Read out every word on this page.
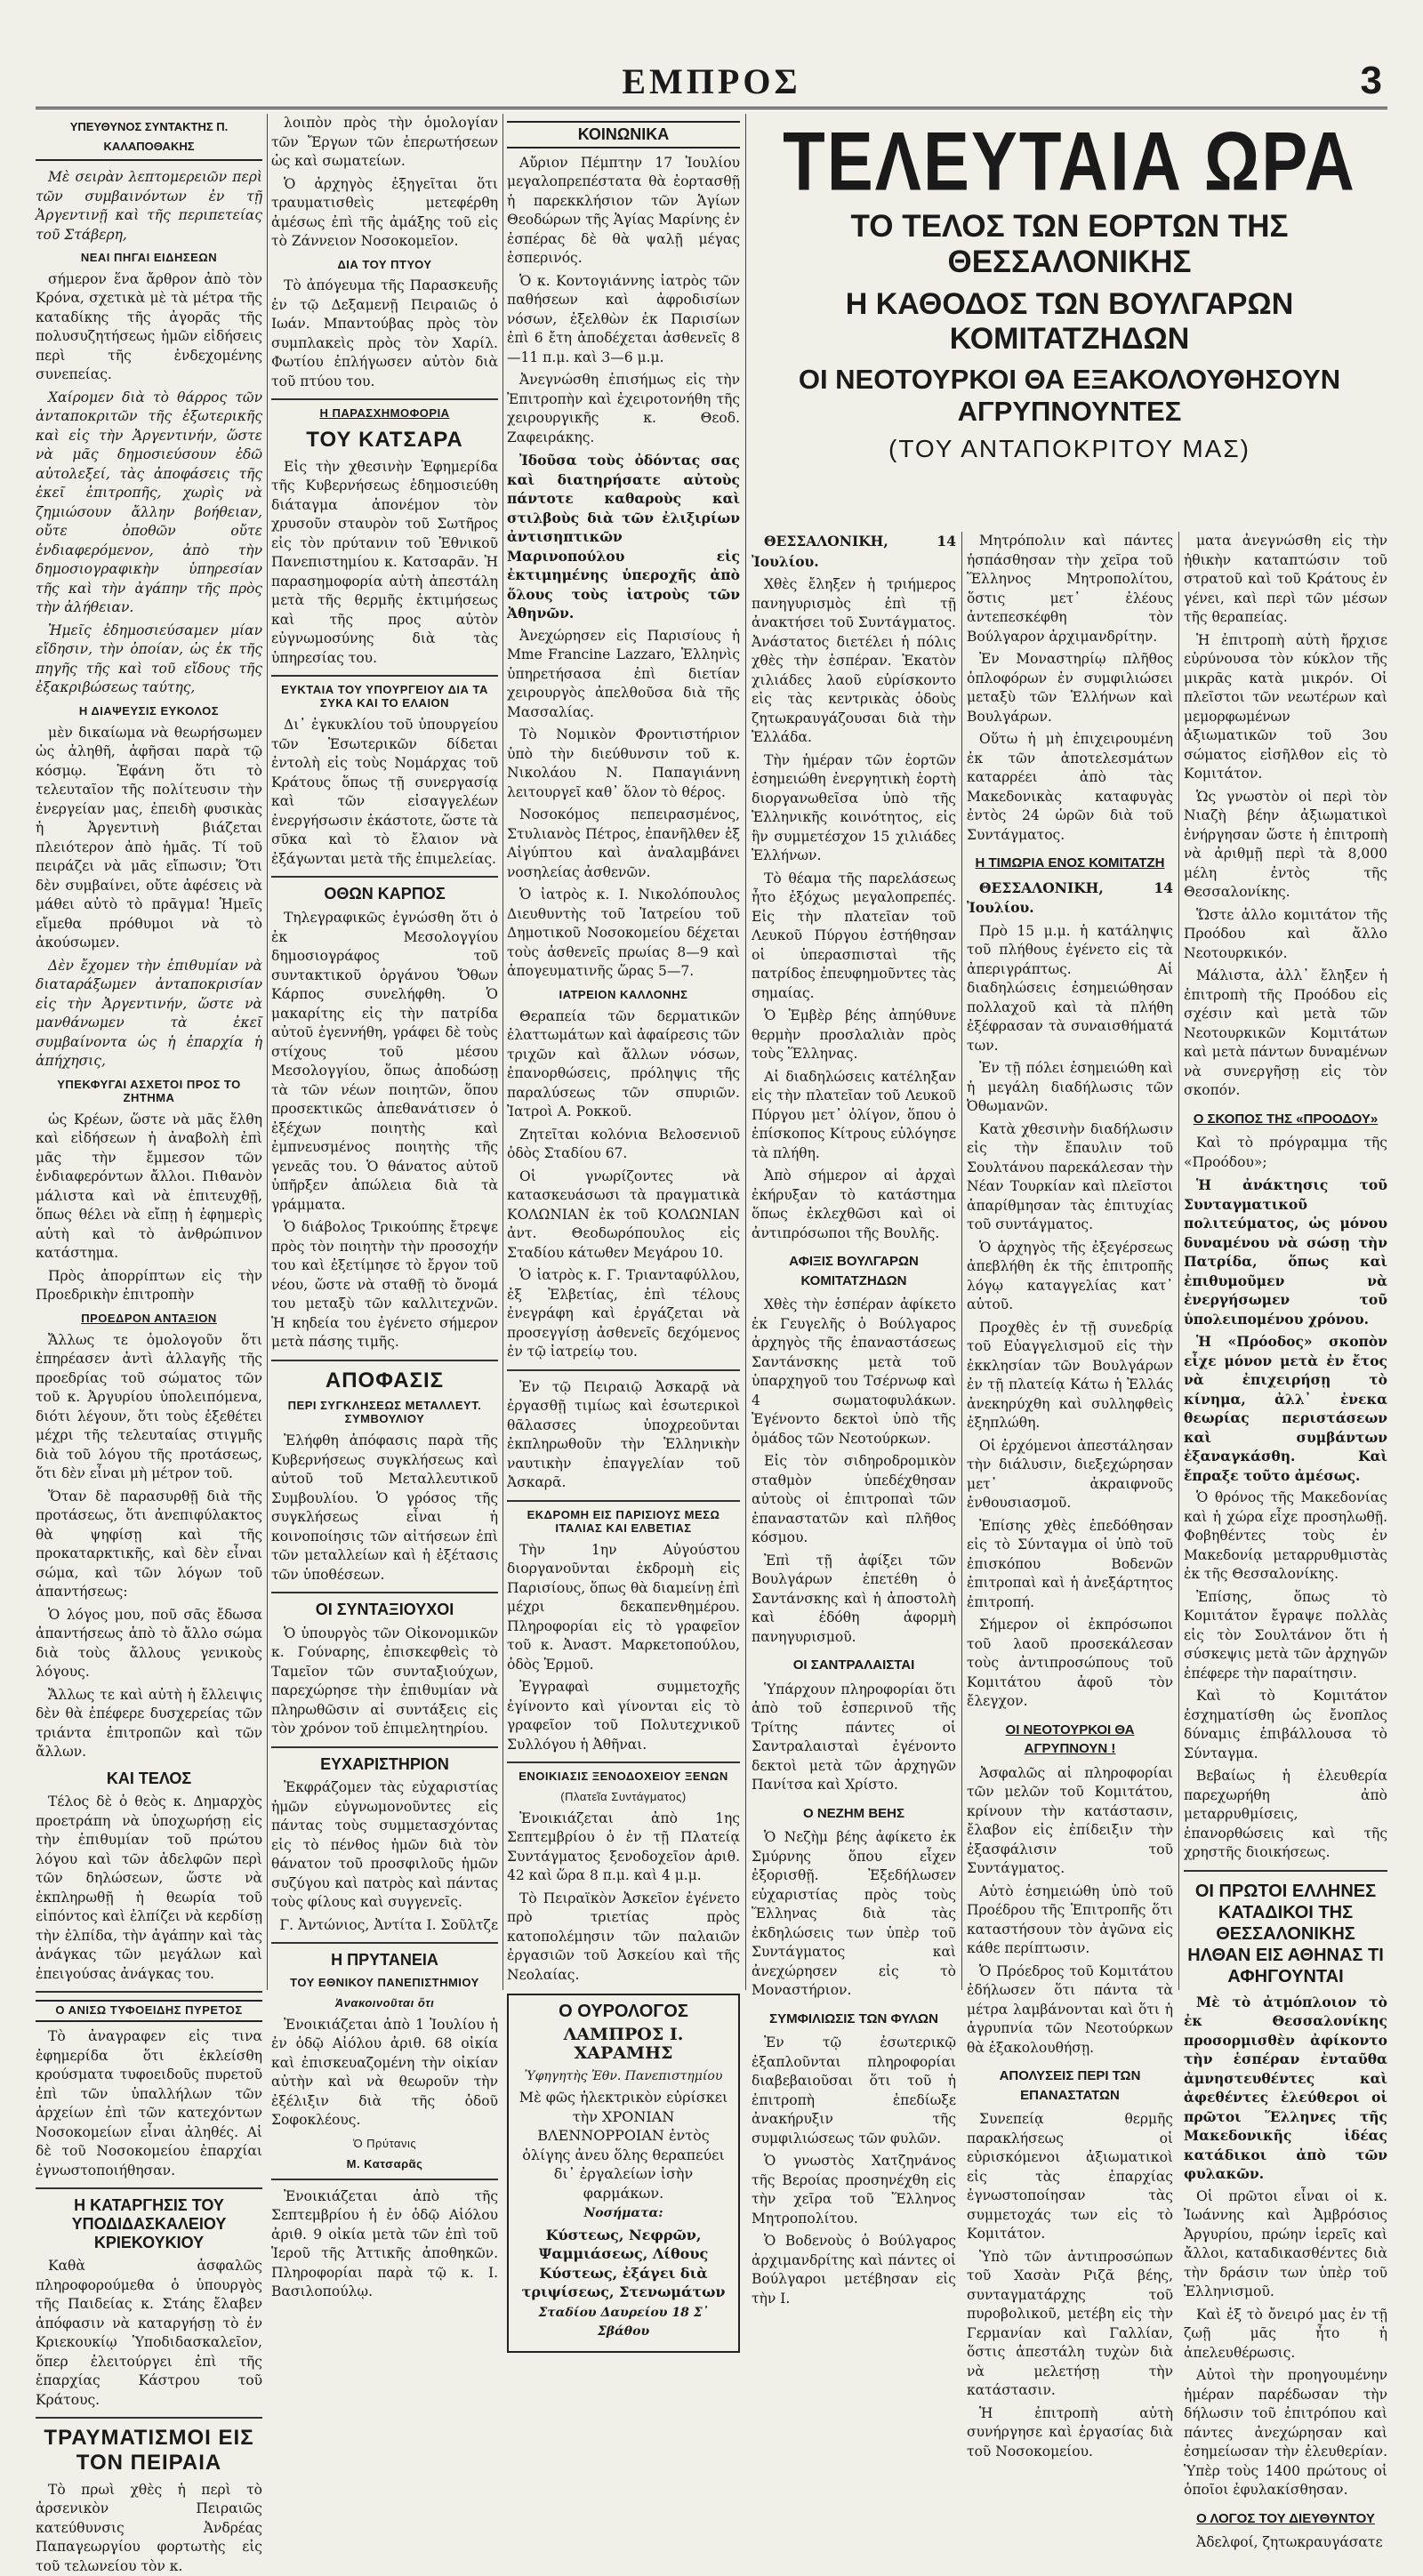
ΕΜΠΡΟΣ	3
ΥΠΕΥΘΥΝΟΣ ΣΥΝΤΑΚΤΗΣ Π. ΚΑΛΑΠΟΘΑΚΗΣ

Μὲ σειρὰν λεπτομερειῶν περὶ τῶν συμβαινόντων ἐν τῇ Ἀργεντινῇ καὶ τῆς περιπετείας τοῦ Στάβερη,

ΝΕΑΙ ΠΗΓΑΙ ΕΙΔΗΣΕΩΝ

σήμερον ἕνα ἄρθρον ἀπὸ τὸν Κρόνα, σχετικὰ μὲ τὰ μέτρα τῆς καταδίκης τῆς ἀγορᾶς τῆς πολυσυζητήσεως ἡμῶν εἰδήσεις περὶ τῆς ἐνδεχομένης συνεπείας.

Χαίρομεν διὰ τὸ θάρρος τῶν ἀνταποκριτῶν τῆς ἐξωτερικῆς καὶ εἰς τὴν Ἀργεντινήν, ὥστε νὰ μᾶς δημοσιεύσουν ἐδῶ αὐτολεξεί, τὰς ἀποφάσεις τῆς ἐκεῖ ἐπιτροπῆς, χωρὶς νὰ ζημιώσουν ἄλλην βοήθειαν, οὔτε ὁποθῶν οὔτε ἐνδιαφερόμενον, ἀπὸ τὴν δημοσιογραφικὴν ὑπηρεσίαν τῆς καὶ τὴν ἀγάπην τῆς πρὸς τὴν ἀλήθειαν.

Ἠμεῖς ἐδημοσιεύσαμεν μίαν εἴδησιν, τὴν ὁποίαν, ὡς ἐκ τῆς πηγῆς τῆς καὶ τοῦ εἴδους τῆς ἐξακριβώσεως ταύτης,

Η ΔΙΑΨΕΥΣΙΣ ΕΥΚΟΛΟΣ

μὲν δικαίωμα νὰ θεωρήσωμεν ὡς ἀληθῆ, ἀφῆσαι παρὰ τῷ κόσμῳ. Ἐφάνη ὅτι τὸ τελευταῖον τῆς πολίτευσιν τὴν ἐνεργείαν μας, ἐπειδὴ φυσικὰς ἡ Ἀργεντινὴ βιάζεται πλειότερον ἀπὸ ἡμᾶς. Τί τοῦ πειράζει νὰ μᾶς εἴπωσιν; Ὅτι δὲν συμβαίνει, οὔτε ἀφέσεις νὰ μάθει αὐτὸ τὸ πρᾶγμα! Ἡμεῖς εἴμεθα πρόθυμοι νὰ τὸ ἀκούσωμεν.

Δὲν ἔχομεν τὴν ἐπιθυμίαν νὰ διαταράξωμεν ἀνταποκρισίαν εἰς τὴν Ἀργεντινήν, ὥστε νὰ μανθάνωμεν τὰ ἐκεῖ συμβαίνοντα ὡς ἡ ἐπαρχία ἡ ἀπήχησις,

ΥΠΕΚΦΥΓΑΙ ΑΣΧΕΤΟΙ ΠΡΟΣ ΤΟ ΖΗΤΗΜΑ

ὡς Κρέων, ὥστε νὰ μᾶς ἔλθη καὶ εἰδήσεων ἡ ἀναβολὴ ἐπὶ μᾶς τὴν ἔμμεσον τῶν ἐνδιαφερόντων ἄλλοι. Πιθανὸν μάλιστα καὶ νὰ ἐπιτευχθῇ, ὅπως θέλει νὰ εἴπῃ ἡ ἐφημερὶς αὐτὴ καὶ τὸ ἀνθρώπινον κατάστημα.

Πρὸς ἀπορρίπτων εἰς τὴν Προεδρικὴν ἐπιτροπὴν

ΠΡΟΕΔΡΟΝ ΑΝΤΑΞΙΟΝ

Ἄλλως τε ὁμολογοῦν ὅτι ἐπηρέασεν ἀντὶ ἀλλαγῆς τῆς προεδρίας τοῦ σώματος τῶν τοῦ κ. Ἀργυρίου ὑπολειπόμενα, διότι λέγουν, ὅτι τοὺς ἐξεθέτει μέχρι τῆς τελευταίας στιγμῆς διὰ τοῦ λόγου τῆς προτάσεως, ὅτι δὲν εἶναι μὴ μέτρον τοῦ.

Ὅταν δὲ παρασυρθῇ διὰ τῆς προτάσεως, ὅτι ἀνεπιφύλακτος θὰ ψηφίσῃ καὶ τῆς προκαταρκτικῆς, καὶ δὲν εἶναι σώμα, καὶ τῶν λόγων τοῦ ἀπαντήσεως:

Ὁ λόγος μου, ποῦ σᾶς ἔδωσα ἀπαντήσεως ἀπὸ τὸ ἄλλο σώμα διὰ τοὺς ἄλλους γενικοὺς λόγους.

Ἄλλως τε καὶ αὐτὴ ἡ ἔλλειψις δὲν θὰ ἐπέφερε δυσχερείας τῶν τριάντα ἐπιτροπῶν καὶ τῶν ἄλλων.

ΚΑΙ ΤΕΛΟΣ

Τέλος δὲ ὁ θεὸς κ. Δημαρχὸς προετράπη νὰ ὑποχωρήσῃ εἰς τὴν ἐπιθυμίαν τοῦ πρώτου λόγου καὶ τῶν ἀδελφῶν περὶ τῶν δηλώσεων, ὥστε νὰ ἐκπληρωθῇ ἡ θεωρία τοῦ εἰπόντος καὶ ἐλπίζει νὰ κερδίσῃ τὴν ἐλπίδα, τὴν ἀγάπην καὶ τὰς ἀνάγκας τῶν μεγάλων καὶ ἐπειγούσας ἀνάγκας του.

Ο ΑΝΙΣΩ ΤΥΦΟΕΙΔΗΣ ΠΥΡΕΤΟΣ

Τὸ ἀναγραφεν εἰς τινα ἐφημερίδα ὅτι ἐκλείσθη κρούσματα τυφοειδοῦς πυρετοῦ ἐπὶ τῶν ὑπαλλήλων τῶν ἀρχείων ἐπὶ τῶν κατεχόντων Νοσοκομείων εἶναι ἀληθές. Αἱ δὲ τοῦ Νοσοκομείου ἐπαρχίαι ἐγνωστοποιήθησαν.

Η ΚΑΤΑΡΓΗΣΙΣ ΤΟΥ ΥΠΟΔΙΔΑΣΚΑΛΕΙΟΥ ΚΡΙΕΚΟΥΚΙΟΥ

Καθὰ ἀσφαλῶς πληροφορούμεθα ὁ ὑπουργὸς τῆς Παιδείας κ. Στάης ἔλαβεν ἀπόφασιν νὰ καταργήσῃ τὸ ἐν Κριεκουκίῳ Ὑποδιδασκαλεῖον, ὅπερ ἐλειτούργει ἐπὶ τῆς ἐπαρχίας Κάστρου τοῦ Κράτους.

ΤΡΑΥΜΑΤΙΣΜΟΙ ΕΙΣ ΤΟΝ ΠΕΙΡΑΙΑ

Τὸ πρωὶ χθὲς ἡ περὶ τὸ ἀρσενικὸν Πειραιῶς κατεύθυνσις Ἀνδρέας Παπαγεωργίου φορτωτὴς εἰς τοῦ τελωνείου τὸν κ.

λοιπὸν πρὸς τὴν ὁμολογίαν τῶν Ἔργων τῶν ἐπερωτήσεων ὡς καὶ σωματείων.

Ὁ ἀρχηγὸς ἐξηγεῖται ὅτι τραυματισθεὶς μετεφέρθη ἀμέσως ἐπὶ τῆς ἀμάξης τοῦ εἰς τὸ Ζάννειον Νοσοκομεῖον.

ΔΙΑ ΤΟΥ ΠΤΥΟΥ

Τὸ ἀπόγευμα τῆς Παρασκευῆς ἐν τῷ Δεξαμενῇ Πειραιῶς ὁ Ιωάν. Μπαντούβας πρὸς τὸν συμπλακεὶς πρὸς τὸν Χαρίλ. Φωτίου ἐπλήγωσεν αὐτὸν διὰ τοῦ πτύου του.

Η ΠΑΡΑΣΧΗΜΟΦΟΡΙΑ
ΤΟΥ ΚΑΤΣΑΡΑ

Εἰς τὴν χθεσινὴν Ἐφημερίδα τῆς Κυβερνήσεως ἐδημοσιεύθη διάταγμα ἀπονέμον τὸν χρυσοῦν σταυρὸν τοῦ Σωτῆρος εἰς τὸν πρύτανιν τοῦ Ἐθνικοῦ Πανεπιστημίου κ. Κατσαρᾶν. Ἡ παρασημοφορία αὐτὴ ἀπεστάλη μετὰ τῆς θερμῆς ἐκτιμήσεως καὶ τῆς προς αὐτὸν εὐγνωμοσύνης διὰ τὰς ὑπηρεσίας του.

ΕΥΚΤΑΙΑ ΤΟΥ ΥΠΟΥΡΓΕΙΟΥ ΔΙΑ ΤΑ ΣΥΚΑ ΚΑΙ ΤΟ ΕΛΑΙΟΝ

Δι᾽ ἐγκυκλίου τοῦ ὑπουργείου τῶν Ἐσωτερικῶν δίδεται ἐντολὴ εἰς τοὺς Νομάρχας τοῦ Κράτους ὅπως τῇ συνεργασίᾳ καὶ τῶν εἰσαγγελέων ἐνεργήσωσιν ἐκάστοτε, ὥστε τὰ σῦκα καὶ τὸ ἔλαιον νὰ ἐξάγωνται μετὰ τῆς ἐπιμελείας.

ΟΘΩΝ ΚΑΡΠΟΣ

Τηλεγραφικῶς ἐγνώσθη ὅτι ὁ ἐκ Μεσολογγίου δημοσιογράφος τοῦ συντακτικοῦ ὀργάνου Ὄθων Κάρπος συνελήφθη. Ὁ μακαρίτης εἰς τὴν πατρίδα αὐτοῦ ἐγεννήθη, γράφει δὲ τοὺς στίχους τοῦ μέσου Μεσολογγίου, ὅπως ἀποδώσῃ τὰ τῶν νέων ποιητῶν, ὅπου προσεκτικῶς ἀπεθανάτισεν ὁ ἐξέχων ποιητὴς καὶ ἐμπνευσμένος ποιητὴς τῆς γενεᾶς του. Ὁ θάνατος αὐτοῦ ὑπῆρξεν ἀπώλεια διὰ τὰ γράμματα.

Ὁ διάβολος Τρικούπης ἔτρεψε πρὸς τὸν ποιητὴν τὴν προσοχήν του καὶ ἐξετίμησε τὸ ἔργον τοῦ νέου, ὥστε νὰ σταθῇ τὸ ὄνομά του μεταξὺ τῶν καλλιτεχνῶν. Ἡ κηδεία του ἐγένετο σήμερον μετὰ πάσης τιμῆς.

ΑΠΟΦΑΣΙΣ
ΠΕΡΙ ΣΥΓΚΛΗΣΕΩΣ ΜΕΤΑΛΛΕΥΤ. ΣΥΜΒΟΥΛΙΟΥ

Ἐλήφθη ἀπόφασις παρὰ τῆς Κυβερνήσεως συγκλήσεως καὶ αὐτοῦ τοῦ Μεταλλευτικοῦ Συμβουλίου. Ὁ γρόσος τῆς συγκλήσεως εἶναι ἡ κοινοποίησις τῶν αἰτήσεων ἐπὶ τῶν μεταλλείων καὶ ἡ ἐξέτασις τῶν ὑποθέσεων.

ΟΙ ΣΥΝΤΑΞΙΟΥΧΟΙ

Ὁ ὑπουργὸς τῶν Οἰκονομικῶν κ. Γούναρης, ἐπισκεφθεὶς τὸ Ταμεῖον τῶν συνταξιούχων, παρεχώρησε τὴν ἐπιθυμίαν νὰ πληρωθῶσιν αἱ συντάξεις εἰς τὸν χρόνον τοῦ ἐπιμελητηρίου.

ΕΥΧΑΡΙΣΤΗΡΙΟΝ

Ἐκφράζομεν τὰς εὐχαριστίας ἡμῶν εὐγνωμονοῦντες εἰς πάντας τοὺς συμμετασχόντας εἰς τὸ πένθος ἡμῶν διὰ τὸν θάνατον τοῦ προσφιλοῦς ἡμῶν συζύγου καὶ πατρὸς καὶ πάντας τοὺς φίλους καὶ συγγενεῖς.

Γ. Ἀντώνιος, Ἀντίτα Ι. Σοῦλτζε

Η ΠΡΥΤΑΝΕΙΑ
ΤΟΥ ΕΘΝΙΚΟΥ ΠΑΝΕΠΙΣΤΗΜΙΟΥ
Ἀνακοινοῦται ὅτι

Ἐνοικιάζεται ἀπὸ 1 Ἰουλίου ἡ ἐν ὁδῷ Αἰόλου ἀριθ. 68 οἰκία καὶ ἐπισκευαζομένη τὴν οἰκίαν αὐτὴν καὶ νὰ θεωροῦν τὴν ἐξέλιξιν διὰ τῆς ὁδοῦ Σοφοκλέους.

Ὁ Πρύτανις
Μ. Κατσαρᾶς

Ἐνοικιάζεται ἀπὸ τῆς Σεπτεμβρίου ἡ ἐν ὁδῷ Αἰόλου ἀριθ. 9 οἰκία μετὰ τῶν ἐπὶ τοῦ Ἱεροῦ τῆς Ἀττικῆς ἀποθηκῶν. Πληροφορίαι παρὰ τῷ κ. Ι. Βασιλοπούλῳ.

ΚΟΙΝΩΝΙΚΑ

Αὔριον Πέμπτην 17 Ἰουλίου μεγαλοπρεπέστατα θὰ ἑορτασθῇ ἡ παρεκκλήσιον τῶν Ἁγίων Θεοδώρων τῆς Ἁγίας Μαρίνης ἐν ἐσπέρας δὲ θὰ ψαλῇ μέγας ἑσπερινός.

Ὁ κ. Κοντογιάννης ἰατρὸς τῶν παθήσεων καὶ ἀφροδισίων νόσων, ἐξελθὼν ἐκ Παρισίων ἐπὶ 6 ἔτη ἀποδέχεται ἀσθενεῖς 8—11 π.μ. καὶ 3—6 μ.μ.

Ἀνεγνώσθη ἐπισήμως εἰς τὴν Ἐπιτροπὴν καὶ ἐχειροτονήθη τῆς χειρουργικῆς κ. Θεοδ. Ζαφειράκης.

Ἰδοῦσα τοὺς ὀδόντας σας καὶ διατηρήσατε αὐτοὺς πάντοτε καθαροὺς καὶ στιλβοὺς διὰ τῶν ἐλιξιρίων ἀντισηπτικῶν Μαρινοπούλου εἰς ἐκτιμημένης ὑπεροχῆς ἀπὸ ὅλους τοὺς ἰατροὺς τῶν Ἀθηνῶν.

Ἀνεχώρησεν εἰς Παρισίους ἡ Μme Francine Lazzaro, Ἑλληνὶς ὑπηρετήσασα ἐπὶ διετίαν χειρουργὸς ἀπελθοῦσα διὰ τῆς Μασσαλίας.

Τὸ Νομικὸν Φροντιστήριον ὑπὸ τὴν διεύθυνσιν τοῦ κ. Νικολάου Ν. Παπαγιάννη λειτουργεῖ καθ᾽ ὅλον τὸ θέρος.

Νοσοκόμος πεπειρασμένος, Στυλιανὸς Πέτρος, ἐπανῆλθεν ἐξ Αἰγύπτου καὶ ἀναλαμβάνει νοσηλείας ἀσθενῶν.

Ὁ ἰατρὸς κ. Ι. Νικολόπουλος Διευθυντὴς τοῦ Ἰατρείου τοῦ Δημοτικοῦ Νοσοκομείου δέχεται τοὺς ἀσθενεῖς πρωίας 8—9 καὶ ἀπογευματινῆς ὥρας 5—7.

ΙΑΤΡΕΙΟΝ ΚΑΛΛΟΝΗΣ

Θεραπεία τῶν δερματικῶν ἐλαττωμάτων καὶ ἀφαίρεσις τῶν τριχῶν καὶ ἄλλων νόσων, ἐπανορθώσεις, πρόληψις τῆς παραλύσεως τῶν σπυριῶν. Ἰατροὶ Α. Ροκκοῦ.

Ζητεῖται κολόνια Βελοσενιοῦ ὁδὸς Σταδίου 67.

Οἱ γνωρίζοντες νὰ κατασκευάσωσι τὰ πραγματικὰ ΚΟΛΩΝΙΑΝ ἐκ τοῦ ΚΟΛΩΝΙΑΝ ἀντ. Θεοδωρόπουλος εἰς Σταδίου κάτωθεν Μεγάρου 10.

Ὁ ἰατρὸς κ. Γ. Τριανταφύλλου, ἐξ Ἑλβετίας, ἐπὶ τέλους ἐνεγράφη καὶ ἐργάζεται νὰ προσεγγίσῃ ἀσθενεῖς δεχόμενος ἐν τῷ ἰατρείῳ του.

Ἐν τῷ Πειραιῷ Ἀσκαρᾷ νὰ ἐργασθῇ τιμίως καὶ ἐσωτερικοὶ θᾶλασσες ὑποχρεοῦνται ἐκπληρωθοῦν τὴν Ἑλληνικὴν ναυτικὴν ἐπαγγελίαν τοῦ Ἀσκαρᾶ.

ΕΚΔΡΟΜΗ ΕΙΣ ΠΑΡΙΣΙΟΥΣ ΜΕΣΩ ΙΤΑΛΙΑΣ ΚΑΙ ΕΛΒΕΤΙΑΣ

Τὴν 1ην Αὐγούστου διοργανοῦνται ἐκδρομὴ εἰς Παρισίους, ὅπως θὰ διαμείνῃ ἐπὶ μέχρι δεκαπενθημέρου. Πληροφορίαι εἰς τὸ γραφεῖον τοῦ κ. Ἀναστ. Μαρκετοπούλου, ὁδὸς Ἑρμοῦ.

Ἐγγραφαὶ συμμετοχῆς ἐγίνοντο καὶ γίνονται εἰς τὸ γραφεῖον τοῦ Πολυτεχνικοῦ Συλλόγου ἡ Ἀθῆναι.

ΕΝΟΙΚΙΑΣΙΣ ΞΕΝΟΔΟΧΕΙΟΥ ΞΕΝΩΝ
(Πλατεῖα Συντάγματος)

Ἐνοικιάζεται ἀπὸ 1ης Σεπτεμβρίου ὁ ἐν τῇ Πλατείᾳ Συντάγματος ξενοδοχεῖον ἀριθ. 42 καὶ ὥρα 8 π.μ. καὶ 4 μ.μ.

Τὸ Πειραϊκὸν Ἀσκεῖον ἐγένετο πρὸ τριετίας πρὸς κατοπολέμησιν τῶν παλαιῶν ἐργασιῶν τοῦ Ἀσκείου καὶ τῆς Νεολαίας.

Ο ΟΥΡΟΛΟΓΟΣ
ΛΑΜΠΡΟΣ Ι. ΧΑΡΑΜΗΣ
Ὑφηγητὴς Ἐθν. Πανεπιστημίου
Μὲ φῶς ἠλεκτρικὸν εὐρίσκει τὴν ΧΡΟΝΙΑΝ ΒΛΕΝΝΟΡΡΟΙΑΝ ἐντὸς ὀλίγης ἀνευ ὅλης θεραπεύει δι᾽ ἐργαλείων ἰσὴν φαρμάκων.
Νοσήματα:
Κύστεως, Νεφρῶν, Ψαμμιάσεως, Λίθους Κύστεως, ἐξάγει διὰ τριψίσεως, Στενωμάτων
Σταδίου Δαυρείου 18 Σ᾽ Σβάθου
ΤΕΛΕΥΤΑΙΑ ΩΡΑ
ΤΟ ΤΕΛΟΣ ΤΩΝ ΕΟΡΤΩΝ ΤΗΣ ΘΕΣΣΑΛΟΝΙΚΗΣ
Η ΚΑΘΟΔΟΣ ΤΩΝ ΒΟΥΛΓΑΡΩΝ ΚΟΜΙΤΑΤΖΗΔΩΝ
ΟΙ ΝΕΟΤΟΥΡΚΟΙ ΘΑ ΕΞΑΚΟΛΟΥΘΗΣΟΥΝ ΑΓΡΥΠΝΟΥΝΤΕΣ
(ΤΟΥ ΑΝΤΑΠΟΚΡΙΤΟΥ ΜΑΣ)

ΘΕΣΣΑΛΟΝΙΚΗ, 14 Ἰουλίου.

Χθὲς ἔληξεν ἡ τριήμερος πανηγυρισμὸς ἐπὶ τῇ ἀνακτήσει τοῦ Συντάγματος. Ἀνάστατος διετέλει ἡ πόλις χθὲς τὴν ἑσπέραν. Ἐκατὸν χιλιάδες λαοῦ εὑρίσκοντο εἰς τὰς κεντρικὰς ὁδοὺς ζητωκραυγάζουσαι διὰ τὴν Ἑλλάδα.

Τὴν ἡμέραν τῶν ἑορτῶν ἐσημειώθη ἐνεργητικὴ ἑορτὴ διοργανωθεῖσα ὑπὸ τῆς Ἑλληνικῆς κοινότητος, εἰς ἣν συμμετέσχον 15 χιλιάδες Ἑλλήνων.

Τὸ θέαμα τῆς παρελάσεως ἦτο ἐξόχως μεγαλοπρεπές. Εἰς τὴν πλατεῖαν τοῦ Λευκοῦ Πύργου ἐστήθησαν οἱ ὑπερασπισταὶ τῆς πατρίδος ἐπευφημοῦντες τὰς σημαίας.

Ὁ Ἐμβὲρ βέης ἀπηύθυνε θερμὴν προσλαλιὰν πρὸς τοὺς Ἕλληνας.

Αἱ διαδηλώσεις κατέληξαν εἰς τὴν πλατεῖαν τοῦ Λευκοῦ Πύργου μετ᾽ ὀλίγον, ὅπου ὁ ἐπίσκοπος Κίτρους εὐλόγησε τὰ πλήθη.

Ἀπὸ σήμερον αἱ ἀρχαὶ ἐκήρυξαν τὸ κατάστημα ὅπως ἐκλεχθῶσι καὶ οἱ ἀντιπρόσωποι τῆς Βουλῆς.

ΑΦΙΞΙΣ ΒΟΥΛΓΑΡΩΝ ΚΟΜΙΤΑΤΖΗΔΩΝ

Χθὲς τὴν ἑσπέραν ἀφίκετο ἐκ Γευγελῆς ὁ Βούλγαρος ἀρχηγὸς τῆς ἐπαναστάσεως Σαντάνσκης μετὰ τοῦ ὑπαρχηγοῦ του Τσέρνωφ καὶ 4 σωματοφυλάκων. Ἐγένοντο δεκτοὶ ὑπὸ τῆς ὁμάδος τῶν Νεοτούρκων.

Εἰς τὸν σιδηροδρομικὸν σταθμὸν ὑπεδέχθησαν αὐτοὺς οἱ ἐπιτροπαὶ τῶν ἐπαναστατῶν καὶ πλῆθος κόσμου.

Ἐπὶ τῇ ἀφίξει τῶν Βουλγάρων ἐπετέθη ὁ Σαντάνσκης καὶ ἡ ἀποστολὴ καὶ ἐδόθη ἀφορμὴ πανηγυρισμοῦ.

ΟΙ ΣΑΝΤΡΑΛΑΙΣΤΑΙ

Ὑπάρχουν πληροφορίαι ὅτι ἀπὸ τοῦ ἑσπερινοῦ τῆς Τρίτης πάντες οἱ Σαντραλαισταὶ ἐγένοντο δεκτοὶ μετὰ τῶν ἀρχηγῶν Πανίτσα καὶ Χρίστο.

Ο ΝΕΖΗΜ ΒΕΗΣ

Ὁ Νεζὴμ βέης ἀφίκετο ἐκ Σμύρνης ὅπου εἶχεν ἐξορισθῇ. Ἐξεδήλωσεν εὐχαριστίας πρὸς τοὺς Ἕλληνας διὰ τὰς ἐκδηλώσεις των ὑπὲρ τοῦ Συντάγματος καὶ ἀνεχώρησεν εἰς τὸ Μοναστήριον.

ΣΥΜΦΙΛΙΩΣΙΣ ΤΩΝ ΦΥΛΩΝ

Ἐν τῷ ἐσωτερικῷ ἐξαπλοῦνται πληροφορίαι διαβεβαιοῦσαι ὅτι τοῦ ἡ ἐπιτροπὴ ἐπεδίωξε ἀνακήρυξιν τῆς συμφιλιώσεως τῶν φυλῶν.

Ὁ γνωστὸς Χατζηνάνος τῆς Βεροίας προσηνέχθη εἰς τὴν χεῖρα τοῦ Ἕλληνος Μητροπολίτου.

Ὁ Βοδενοὺς ὁ Βούλγαρος ἀρχιμανδρίτης καὶ πάντες οἱ Βούλγαροι μετέβησαν εἰς τὴν Ι.

Μητρόπολιν καὶ πάντες ἠσπάσθησαν τὴν χεῖρα τοῦ Ἕλληνος Μητροπολίτου, ὅστις μετ᾽ ἐλέους ἀντεπεσκέφθη τὸν Βούλγαρον ἀρχιμανδρίτην.

Ἐν Μοναστηρίῳ πλῆθος ὁπλοφόρων ἐν συμφιλιώσει μεταξὺ τῶν Ἑλλήνων καὶ Βουλγάρων.

Οὕτω ἡ μὴ ἐπιχειρουμένη ἐκ τῶν ἀποτελεσμάτων καταρρέει ἀπὸ τὰς Μακεδονικὰς καταφυγὰς ἐντὸς 24 ὡρῶν διὰ τοῦ Συντάγματος.

Η ΤΙΜΩΡΙΑ ΕΝΟΣ ΚΟΜΙΤΑΤΖΗ

ΘΕΣΣΑΛΟΝΙΚΗ, 14 Ἰουλίου.

Πρὸ 15 μ.μ. ἡ κατάληψις τοῦ πλήθους ἐγένετο εἰς τὰ ἀπεριγράπτως. Αἱ διαδηλώσεις ἐσημειώθησαν πολλαχοῦ καὶ τὰ πλήθη ἐξέφρασαν τὰ συναισθήματά των.

Ἐν τῇ πόλει ἐσημειώθη καὶ ἡ μεγάλη διαδήλωσις τῶν Ὀθωμανῶν.

Κατὰ χθεσινὴν διαδήλωσιν εἰς τὴν ἔπαυλιν τοῦ Σουλτάνου παρεκάλεσαν τὴν Νέαν Τουρκίαν καὶ πλεῖστοι ἀπαρίθμησαν τὰς ἐπιτυχίας τοῦ συντάγματος.

Ὁ ἀρχηγὸς τῆς ἐξεγέρσεως ἀπεβλήθη ἐκ τῆς ἐπιτροπῆς λόγῳ καταγγελίας κατ᾽ αὐτοῦ.

Προχθὲς ἐν τῇ συνεδρίᾳ τοῦ Εὐαγγελισμοῦ εἰς τὴν ἐκκλησίαν τῶν Βουλγάρων ἐν τῇ πλατείᾳ Κάτω ἡ Ἑλλάς ἀνεκηρύχθη καὶ συλληφθεὶς ἐξηπλώθη.

Οἱ ἐρχόμενοι ἀπεστάλησαν τὴν διάλυσιν, διεξεχώρησαν μετ᾽ ἀκραιφνοῦς ἐνθουσιασμοῦ.

Ἐπίσης χθὲς ἐπεδόθησαν εἰς τὸ Σύνταγμα οἱ ὑπὸ τοῦ ἐπισκόπου Βοδενῶν ἐπιτροπαὶ καὶ ἡ ἀνεξάρτητος ἐπιτροπή.

Σήμερον οἱ ἐκπρόσωποι τοῦ λαοῦ προσεκάλεσαν τοὺς ἀντιπροσώπους τοῦ Κομιτάτου ἀφοῦ τὸν ἔλεγχον.

ΟΙ ΝΕΟΤΟΥΡΚΟΙ ΘΑ ΑΓΡΥΠΝΟΥΝ !

Ἀσφαλῶς αἱ πληροφορίαι τῶν μελῶν τοῦ Κομιτάτου, κρίνουν τὴν κατάστασιν, ἔλαβον εἰς ἐπίδειξιν τὴν ἐξασφάλισιν τοῦ Συντάγματος.

Αὐτὸ ἐσημειώθη ὑπὸ τοῦ Προέδρου τῆς Ἐπιτροπῆς ὅτι καταστήσουν τὸν ἀγῶνα εἰς κάθε περίπτωσιν.

Ὁ Πρόεδρος τοῦ Κομιτάτου ἐδήλωσεν ὅτι πάντα τὰ μέτρα λαμβάνονται καὶ ὅτι ἡ ἀγρυπνία τῶν Νεοτούρκων θὰ ἐξακολουθήσῃ.

ΑΠΟΛΥΣΕΙΣ ΠΕΡΙ ΤΩΝ ΕΠΑΝΑΣΤΑΤΩΝ

Συνεπείᾳ θερμῆς παρακλήσεως οἱ εὑρισκόμενοι ἀξιωματικοὶ εἰς τὰς ἐπαρχίας ἐγνωστοποίησαν τὰς συμμετοχάς των εἰς τὸ Κομιτάτον.

Ὑπὸ τῶν ἀντιπροσώπων τοῦ Χασὰν Ριζᾶ βέης, συνταγματάρχης τοῦ πυροβολικοῦ, μετέβη εἰς τὴν Γερμανίαν καὶ Γαλλίαν, ὅστις ἀπεστάλη τυχὼν διὰ νὰ μελετήσῃ τὴν κατάστασιν.

Ἡ ἐπιτροπὴ αὐτὴ συνήργησε καὶ ἐργασίας διὰ τοῦ Νοσοκομείου.

ματα ἀνεγνώσθη εἰς τὴν ἠθικὴν καταπτώσιν τοῦ στρατοῦ καὶ τοῦ Κράτους ἐν γένει, καὶ περὶ τῶν μέσων τῆς θεραπείας.

Ἡ ἐπιτροπὴ αὐτὴ ἤρχισε εὑρύνουσα τὸν κύκλον τῆς μικρᾶς κατὰ μικρόν. Οἱ πλεῖστοι τῶν νεωτέρων καὶ μεμορφωμένων ἀξιωματικῶν τοῦ 3ου σώματος εἰσῆλθον εἰς τὸ Κομιτάτον.

Ὡς γνωστὸν οἱ περὶ τὸν Νιαζὴ βέην ἀξιωματικοὶ ἐνήργησαν ὥστε ἡ ἐπιτροπὴ νὰ ἀριθμῇ περὶ τὰ 8,000 μέλη ἐντὸς τῆς Θεσσαλονίκης.

Ὥστε ἀλλο κομιτάτον τῆς Προόδου καὶ ἄλλο Νεοτουρκικόν.

Μάλιστα, ἀλλ᾽ ἔληξεν ἡ ἐπιτροπὴ τῆς Προόδου εἰς σχέσιν καὶ μετὰ τῶν Νεοτουρκικῶν Κομιτάτων καὶ μετὰ πάντων δυναμένων νὰ συνεργῆσῃ εἰς τὸν σκοπόν.

Ο ΣΚΟΠΟΣ ΤΗΣ «ΠΡΟΟΔΟΥ»

Καὶ τὸ πρόγραμμα τῆς «Προόδου»;

Ἡ ἀνάκτησις τοῦ Συνταγματικοῦ πολιτεύματος, ὡς μόνου δυναμένου νὰ σώσῃ τὴν Πατρίδα, ὅπως καὶ ἐπιθυμοῦμεν νὰ ἐνεργήσωμεν τοῦ ὑπολειπομένου χρόνου.

Ἡ «Πρόοδος» σκοπὸν εἶχε μόνον μετὰ ἐν ἔτος νὰ ἐπιχειρήσῃ τὸ κίνημα, ἀλλ᾽ ἐνεκα θεωρίας περιστάσεων καὶ συμβάντων ἐξαναγκάσθη. Καὶ ἔπραξε τοῦτο ἀμέσως.

Ὁ θρόνος τῆς Μακεδονίας καὶ ἡ χώρα εἶχε προσηλωθῇ. Φοβηθέντες τοὺς ἐν Μακεδονίᾳ μεταρρυθμιστὰς ἐκ τῆς Θεσσαλονίκης.

Ἐπίσης, ὅπως τὸ Κομιτάτον ἔγραψε πολλὰς εἰς τὸν Σουλτάνον ὅτι ἡ σύσκεψις μετὰ τῶν ἀρχηγῶν ἐπέφερε τὴν παραίτησιν.

Καὶ τὸ Κομιτάτον ἐσχηματίσθη ὡς ἔνοπλος δύναμις ἐπιβάλλουσα τὸ Σύνταγμα.

Βεβαίως ἡ ἐλευθερία παρεχωρήθη ἀπὸ μεταρρυθμίσεις, ἐπανορθώσεις καὶ τῆς χρηστῆς διοικήσεως.

ΟΙ ΠΡΩΤΟΙ ΕΛΛΗΝΕΣ ΚΑΤΑΔΙΚΟΙ ΤΗΣ ΘΕΣΣΑΛΟΝΙΚΗΣ ΗΛΘΑΝ ΕΙΣ ΑΘΗΝΑΣ ΤΙ ΑΦΗΓΟΥΝΤΑΙ

Μὲ τὸ ἀτμόπλοιον τὸ ἐκ Θεσσαλονίκης προσορμισθὲν ἀφίκοντο τὴν ἑσπέραν ἐνταῦθα ἀμνηστευθέντες καὶ ἀφεθέντες ἐλεύθεροι οἱ πρῶτοι Ἕλληνες τῆς Μακεδονικῆς ἰδέας κατάδικοι ἀπὸ τῶν φυλακῶν.

Οἱ πρῶτοι εἶναι οἱ κ. Ἰωάννης καὶ Ἀμβρόσιος Ἀργυρίου, πρώην ἱερεῖς καὶ ἄλλοι, καταδικασθέντες διὰ τὴν δράσιν των ὑπὲρ τοῦ Ἑλληνισμοῦ.

Καὶ ἐξ τὸ ὄνειρό μας ἐν τῇ ζωῇ μᾶς ἦτο ἡ ἀπελευθέρωσις.

Αὐτοὶ τὴν προηγουμένην ἡμέραν παρέδωσαν τὴν δήλωσιν τοῦ ἐπιτρόπου καὶ πάντες ἀνεχώρησαν καὶ ἐσημείωσαν τὴν ἐλευθερίαν. Ὑπὲρ τοὺς 1400 πρώτους οἱ ὁποῖοι ἐφυλακίσθησαν.

Ο ΛΟΓΟΣ ΤΟΥ ΔΙΕΥΘΥΝΤΟΥ

Ἀδελφοί, ζητωκραυγάσατε
